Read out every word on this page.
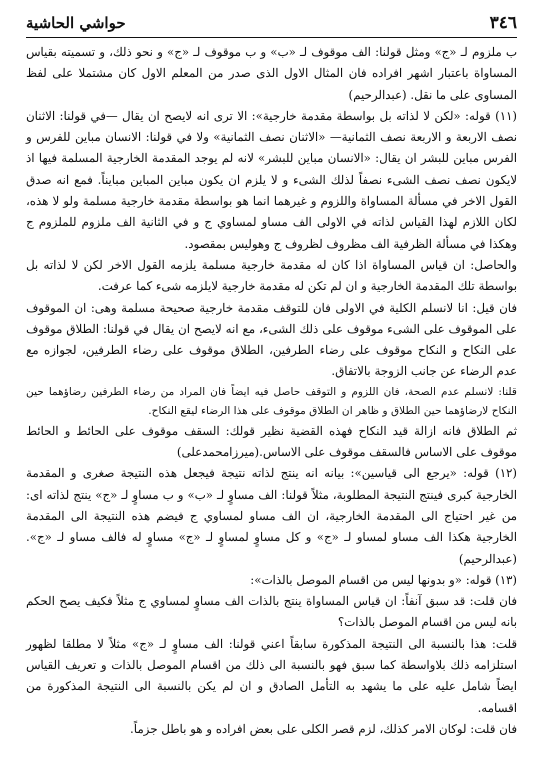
٣٤٦
حواشي الحاشية

ب ملزوم لـ «ج» ومثل قولنا: الف موقوف لـ «ب» و ب موقوف لـ «ج» و نحو ذلك، و تسميته بقياس المساواة باعتبار اشهر افراده فان المثال الاول الذى صدر من المعلم الاول كان مشتملا على لفظ المساوى على ما نقل. (عبدالرحيم)

(١١) قوله: «لكن لا لذاته بل بواسطة مقدمة خارجية»: الا ترى انه لايصح ان يقال —في قولنا: الاثنان نصف الاربعة و الاربعة نصف الثمانية— «الاثنان نصف الثمانية» ولا في قولنا: الانسان مباين للفرس و الفرس مباين للبشر ان يقال: «الانسان مباين للبشر» لانه لم يوجد المقدمة الخارجية المسلمة فيها اذ لايكون نصف نصف الشىء نصفاً لذلك الشىء و لا يلزم ان يكون مباين المباين مبايناً. فمع انه صدق القول الاخر في مسألة المساواة واللزوم و غيرهما انما هو بواسطة مقدمة خارجية مسلمة ولو لا هذه، لكان اللازم لهذا القياس لذاته في الاولى الف مساو لمساوي ج و في الثانية الف ملزوم للملزوم ج وهكذا في مسألة الظرفية الف مظروف لظروف ج وهوليس بمقصود.

والحاصل: ان قياس المساواة اذا كان له مقدمة خارجية مسلمة يلزمه القول الاخر لكن لا لذاته بل بواسطة تلك المقدمة الخارجية و ان لم تكن له مقدمة خارجية لايلزمه شىء كما عرفت.

فان قيل: انا لانسلم الكلية في الاولى فان للتوقف مقدمة خارجية صحيحة مسلمة وهى: ان الموقوف على الموقوف على الشىء موقوف على ذلك الشىء، مع انه لايصح ان يقال في قولنا: الطلاق موقوف على النكاح و النكاح موقوف على رضاء الطرفين، الطلاق موقوف على رضاء الطرفين، لجوازه مع عدم الرضاء عن جانب الزوجة بالاتفاق.

قلنا: لانسلم عدم الصحة، فان اللزوم و التوقف حاصل فيه ايضاً فان المراد من رضاء الطرفين رضاؤهما حين النكاح لارضاؤهما حين الطلاق و ظاهر ان الطلاق موقوف على هذا الرضاء ليقع النكاح.

ثم الطلاق فانه ازالة قيد النكاح فهذه القضية نظير قولك: السقف موقوف على الحائط و الحائط موقوف على الاساس فالسقف موقوف على الاساس.(ميرزامحمدعلى)

(١٢) قوله: «يرجع الى قياسين»: بيانه انه ينتج لذاته نتيجة فيجعل هذه النتيجة صغرى و المقدمة الخارجية كبرى فينتج النتيجة المطلوبة، مثلاً قولنا: الف مساوٍ لـ «ب» و ب مساوٍ لـ «ج» ينتج لذاته اى: من غير احتياج الى المقدمة الخارجية، ان الف مساو لمساوي ج فيضم هذه النتيجة الى المقدمة الخارجية هكذا الف مساو لمساو لـ «ج» و كل مساوٍ لمساوٍ لـ «ج» مساوٍ له فالف مساو لـ «ج». (عبدالرحيم)

(١٣) قوله: «و بدونها ليس من اقسام الموصل بالذات»:

فان قلت: قد سبق آنفاً: ان قياس المساواة ينتج بالذات الف مساوٍ لمساوي ج مثلاً فكيف يصح الحكم بانه ليس من اقسام الموصل بالذات؟

قلت: هذا بالنسبة الى النتيجة المذكورة سابقاً اعني قولنا: الف مساوٍ لـ «ج» مثلاً لا مطلقا لظهور استلزامه ذلك بلاواسطة كما سبق فهو بالنسبة الى ذلك من اقسام الموصل بالذات و تعريف القياس ايضاً شامل عليه على ما يشهد به التأمل الصادق و ان لم يكن بالنسبة الى النتيجة المذكورة من اقسامه.

فان قلت: لوكان الامر كذلك، لزم قصر الكلى على بعض افراده و هو باطل جزماً.
